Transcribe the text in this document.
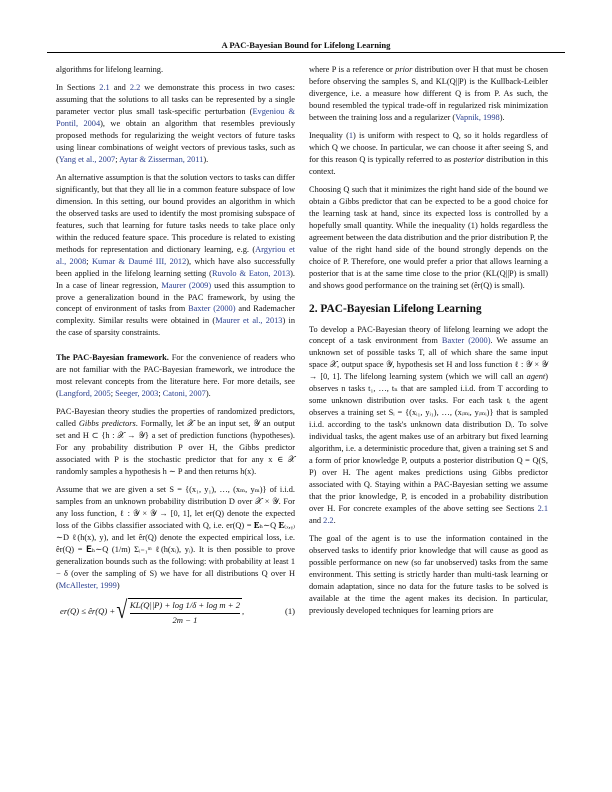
A PAC-Bayesian Bound for Lifelong Learning

algorithms for lifelong learning.

In Sections 2.1 and 2.2 we demonstrate this process in two cases: assuming that the solutions to all tasks can be represented by a single parameter vector plus small task-specific perturbation (Evgeniou & Pontil, 2004), we obtain an algorithm that resembles previously proposed methods for regularizing the weight vectors of future tasks using linear combinations of weight vectors of previous tasks, such as (Yang et al., 2007; Aytar & Zisserman, 2011).

An alternative assumption is that the solution vectors to tasks can differ significantly, but that they all lie in a common feature subspace of low dimension. In this setting, our bound provides an algorithm in which the observed tasks are used to identify the most promising subspace of features, such that learning for future tasks needs to take place only within the reduced feature space. This procedure is related to existing methods for representation and dictionary learning, e.g. (Argyriou et al., 2008; Kumar & Daumé III, 2012), which have also successfully been applied in the lifelong learning setting (Ruvolo & Eaton, 2013). In a case of linear regression, Maurer (2009) used this assumption to prove a generalization bound in the PAC framework, by using the concept of environment of tasks from Baxter (2000) and Rademacher complexity. Similar results were obtained in (Maurer et al., 2013) in the case of sparsity constraints.

The PAC-Bayesian framework. For the convenience of readers who are not familiar with the PAC-Bayesian framework, we introduce the most relevant concepts from the literature here. For more details, see (Langford, 2005; Seeger, 2003; Catoni, 2007).

PAC-Bayesian theory studies the properties of randomized predictors, called Gibbs predictors. Formally, let 𝒳 be an input set, 𝒴 an output set and H ⊂ {h : 𝒳 → 𝒴} a set of prediction functions (hypotheses). For any probability distribution P over H, the Gibbs predictor associated with P is the stochastic predictor that for any x ∈ 𝒳 randomly samples a hypothesis h ∼ P and then returns h(x).

Assume that we are given a set S = {(x₁, y₁), …, (xₘ, yₘ)} of i.i.d. samples from an unknown probability distribution D over 𝒳 × 𝒴. For any loss function, ℓ : 𝒴 × 𝒴 → [0, 1], let er(Q) denote the expected loss of the Gibbs classifier associated with Q, i.e. er(Q) = 𝐄ₕ∼Q 𝐄₍ₓ,ᵧ₎∼D ℓ(h(x), y), and let êr(Q) denote the expected empirical loss, i.e. êr(Q) = 𝐄ₕ∼Q (1/m) Σᵢ₌₁ᵐ ℓ(h(xᵢ), yᵢ). It is then possible to prove generalization bounds such as the following: with probability at least 1 − δ (over the sampling of S) we have for all distributions Q over H (McAllester, 1999)

er(Q) ≤ êr(Q) + √ $\frac{\text{KL(Q||P) + log 1/δ + log m + 2}}{2m - 1}$ ,	(1)

where P is a reference or prior distribution over H that must be chosen before observing the samples S, and KL(Q||P) is the Kullback-Leibler divergence, i.e. a measure how different Q is from P. As such, the bound resembled the typical trade-off in regularized risk minimization between the training loss and a regularizer (Vapnik, 1998).

Inequality (1) is uniform with respect to Q, so it holds regardless of which Q we choose. In particular, we can choose it after seeing S, and for this reason Q is typically referred to as posterior distribution in this context.

Choosing Q such that it minimizes the right hand side of the bound we obtain a Gibbs predictor that can be expected to be a good choice for the learning task at hand, since its expected loss is controlled by a hopefully small quantity. While the inequality (1) holds regardless the agreement between the data distribution and the prior distribution P, the value of the right hand side of the bound strongly depends on the choice of P. Therefore, one would prefer a prior that allows learning a posterior that is at the same time close to the prior (KL(Q||P) is small) and shows good performance on the training set (êr(Q) is small).

2. PAC-Bayesian Lifelong Learning

To develop a PAC-Bayesian theory of lifelong learning we adopt the concept of a task environment from Baxter (2000). We assume an unknown set of possible tasks T, all of which share the same input space 𝒳, output space 𝒴, hypothesis set H and loss function ℓ : 𝒴 × 𝒴 → [0, 1]. The lifelong learning system (which we will call an agent) observes n tasks t₁, …, tₙ that are sampled i.i.d. from T according to some unknown distribution over tasks. For each task tᵢ the agent observes a training set Sᵢ = {(xᵢ₁, yᵢ₁), …, (xᵢₘᵢ, yᵢₘᵢ)} that is sampled i.i.d. according to the task's unknown data distribution Dᵢ. To solve individual tasks, the agent makes use of an arbitrary but fixed learning algorithm, i.e. a deterministic procedure that, given a training set S and a form of prior knowledge P, outputs a posterior distribution Q = Q(S, P) over H. The agent makes predictions using Gibbs predictor associated with Q. Staying within a PAC-Bayesian setting we assume that the prior knowledge, P, is encoded in a probability distribution over H. For concrete examples of the above setting see Sections 2.1 and 2.2.

The goal of the agent is to use the information contained in the observed tasks to identify prior knowledge that will cause as good as possible performance on new (so far unobserved) tasks from the same environment. This setting is strictly harder than multi-task learning or domain adaptation, since no data for the future tasks to be solved is available at the time the agent makes its decision. In particular, previously developed techniques for learning priors are
